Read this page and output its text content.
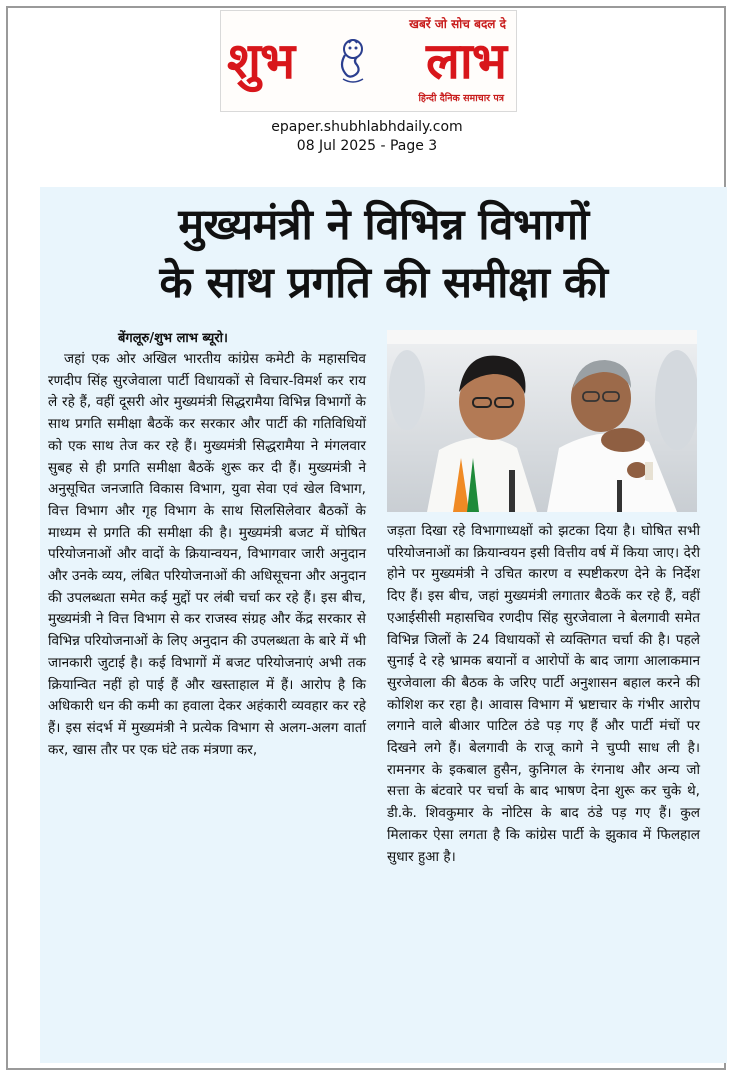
खबरें जो सोच बदल दे
शुभ	लाभ
हिन्दी दैनिक समाचार पत्र
epaper.shubhlabhdaily.com
08 Jul 2025 - Page 3
मुख्यमंत्री ने विभिन्न विभागों
के साथ प्रगति की समीक्षा की
बेंगलूरु/शुभ लाभ ब्यूरो।
जहां एक ओर अखिल भारतीय कांग्रेस कमेटी के महासचिव रणदीप सिंह सुरजेवाला पार्टी विधायकों से विचार-विमर्श कर राय ले रहे हैं, वहीं दूसरी ओर मुख्यमंत्री सिद्धरामैया विभिन्न विभागों के साथ प्रगति समीक्षा बैठकें कर सरकार और पार्टी की गतिविधियों को एक साथ तेज कर रहे हैं। मुख्यमंत्री सिद्धरामैया ने मंगलवार सुबह से ही प्रगति समीक्षा बैठकें शुरू कर दी हैं। मुख्यमंत्री ने अनुसूचित जनजाति विकास विभाग, युवा सेवा एवं खेल विभाग, वित्त विभाग और गृह विभाग के साथ सिलसिलेवार बैठकों के माध्यम से प्रगति की समीक्षा की है। मुख्यमंत्री बजट में घोषित परियोजनाओं और वादों के क्रियान्वयन, विभागवार जारी अनुदान और उनके व्यय, लंबित परियोजनाओं की अधिसूचना और अनुदान की उपलब्धता समेत कई मुद्दों पर लंबी चर्चा कर रहे हैं। इस बीच, मुख्यमंत्री ने वित्त विभाग से कर राजस्व संग्रह और केंद्र सरकार से विभिन्न परियोजनाओं के लिए अनुदान की उपलब्धता के बारे में भी जानकारी जुटाई है। कई विभागों में बजट परियोजनाएं अभी तक क्रियान्वित नहीं हो पाई हैं और खस्ताहाल में हैं। आरोप है कि अधिकारी धन की कमी का हवाला देकर अहंकारी व्यवहार कर रहे हैं। इस संदर्भ में मुख्यमंत्री ने प्रत्येक विभाग से अलग-अलग वार्ता कर, खास तौर पर एक घंटे तक मंत्रणा कर,
जड़ता दिखा रहे विभागाध्यक्षों को झटका दिया है। घोषित सभी परियोजनाओं का क्रियान्वयन इसी वित्तीय वर्ष में किया जाए। देरी होने पर मुख्यमंत्री ने उचित कारण व स्पष्टीकरण देने के निर्देश दिए हैं। इस बीच, जहां मुख्यमंत्री लगातार बैठकें कर रहे हैं, वहीं एआईसीसी महासचिव रणदीप सिंह सुरजेवाला ने बेलगावी समेत विभिन्न जिलों के 24 विधायकों से व्यक्तिगत चर्चा की है। पहले सुनाई दे रहे भ्रामक बयानों व आरोपों के बाद जागा आलाकमान सुरजेवाला की बैठक के जरिए पार्टी अनुशासन बहाल करने की कोशिश कर रहा है। आवास विभाग में भ्रष्टाचार के गंभीर आरोप लगाने वाले बीआर पाटिल ठंडे पड़ गए हैं और पार्टी मंचों पर दिखने लगे हैं। बेलगावी के राजू कागे ने चुप्पी साध ली है। रामनगर के इकबाल हुसैन, कुनिगल के रंगनाथ और अन्य जो सत्ता के बंटवारे पर चर्चा के बाद भाषण देना शुरू कर चुके थे, डी.के. शिवकुमार के नोटिस के बाद ठंडे पड़ गए हैं। कुल मिलाकर ऐसा लगता है कि कांग्रेस पार्टी के झुकाव में फिलहाल सुधार हुआ है।
